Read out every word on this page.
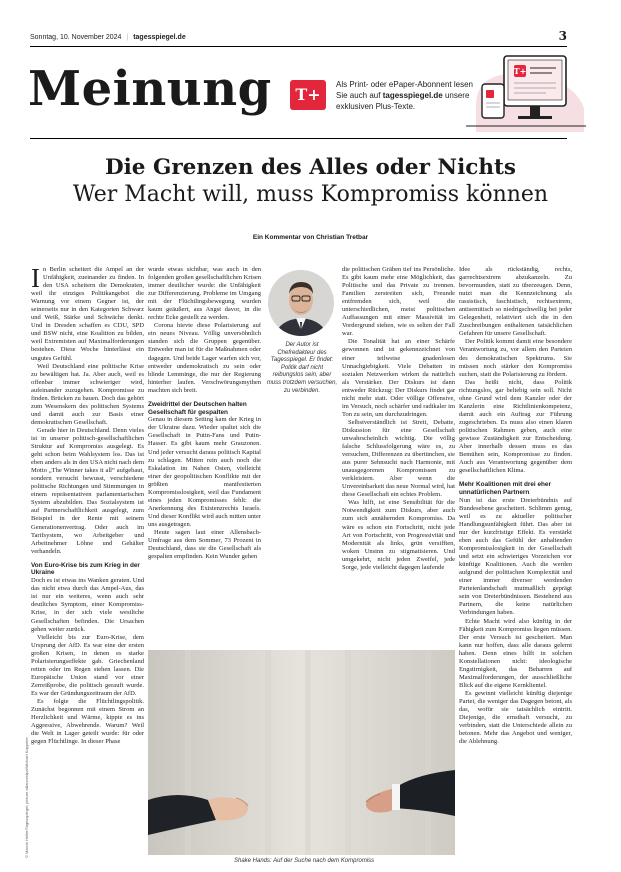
Sonntag, 10. November 2024 | tagesspiegel.de	3
Meinung	T+
Als Print- oder ePaper-Abonnent lesen
Sie auch auf tagesspiegel.de unsere
exklusiven Plus-Texte.
T+
Die Grenzen des Alles oder Nichts
Wer Macht will, muss Kompromiss können
Ein Kommentar von Christian Tretbar

In Berlin scheitert die Ampel an der Unfähigkeit, zueinander zu finden. In den USA scheitern die Demokraten, weil ihr einziges Politikangebot die Warnung vor einem Gegner ist, der seinerseits nur in den Kategorien Schwarz und Weiß, Stärke und Schwäche denkt. Und in Dresden schaffen es CDU, SPD und BSW nicht, eine Koalition zu bilden, weil Extremisten auf Maximalforderungen bestehen. Diese Woche hinterlässt ein ungutes Gefühl.

Weil Deutschland eine politische Krise zu bewältigen hat. Ja. Aber auch, weil es offenbar immer schwieriger wird, aufeinander zuzugehen. Kompromisse zu finden. Brücken zu bauen. Doch das gehört zum Wesenskern des politischen Systems und damit auch zur Basis einer demokratischen Gesellschaft.

Gerade hier in Deutschland. Denn vieles ist in unserer politisch-gesellschaftlichen Struktur auf Kompromiss ausgelegt. Es geht schon beim Wahlsystem los. Das ist eben anders als in den USA nicht nach dem Motto „The Winner takes it all“ aufgebaut, sondern versucht bewusst, verschiedene politische Richtungen und Stimmungen in einem repräsentativen parlamentarischen System abzubilden. Das Sozialsystem ist auf Partnerschaftlichkeit ausgelegt, zum Beispiel in der Rente mit seinem Generationenvertrag. Oder auch im Tarifsystem, wo Arbeitgeber und Arbeitnehmer Löhne und Gehälter verhandeln.

Von Euro-Krise bis zum Krieg in der Ukraine

Doch es ist etwas ins Wanken geraten. Und das nicht etwa durch das Ampel-Aus, das ist nur ein weiteres, wenn auch sehr deutliches Symptom, einer Kompromiss-Krise, in der sich viele westliche Gesellschaften befinden. Die Ursachen gehen weiter zurück.

Vielleicht bis zur Euro-Krise, dem Ursprung der AfD. Es war eine der ersten großen Krisen, in denen es starke Polarisierungseffekte gab. Griechenland retten oder im Regen stehen lassen. Die Europäische Union stand vor einer Zerreißprobe, die politisch gerauft wurde. Es war der Gründungszeitraum der AfD.

Es folgte die Flüchtlingspolitik. Zunächst begonnen mit einem Strom an Herzlichkeit und Wärme, kippte es ins Aggressive, Abwehrende. Warum? Weil die Welt in Lager geteilt wurde: für oder gegen Flüchtlinge. In dieser Phase

wurde etwas sichtbar, was auch in den folgenden großen gesellschaftlichen Krisen immer deutlicher wurde: die Unfähigkeit zur Differenzierung. Probleme im Umgang mit der Flüchtlingsbewegung wurden kaum geäußert, aus Angst davor, in die rechte Ecke gestellt zu werden.

Corona hievte diese Polarisierung auf ein neues Niveau. Völlig unversöhnlich standen sich die Gruppen gegenüber. Entweder man ist für die Maßnahmen oder dagegen. Und beide Lager warfen sich vor, entweder undemokratisch zu sein oder blinde Lemminge, die nur der Regierung hinterher laufen. Verschwörungsmythen machten sich breit.

Zweidrittel der Deutschen halten Gesellschaft für gespalten

Genau in diesem Setting kam der Krieg in der Ukraine dazu. Wieder spaltet sich die Gesellschaft in Putin-Fans und Putin-Hasser. Es gibt kaum mehr Grauzonen. Und jeder versucht daraus politisch Kapital zu schlagen. Mitten rein auch noch die Eskalation im Nahen Osten, vielleicht einer der geopolitischen Konflikte mit der größten manifestierten Kompromisslosigkeit, weil das Fundament eines jeden Kompromisses fehlt: die Anerkennung des Existenzrechts Israels. Und dieser Konflikt wird auch mitten unter uns ausgetragen.

Heute sagen laut einer Allensbach-Umfrage aus dem Sommer, 73 Prozent in Deutschland, dass sie die Gesellschaft als gespalten empfinden. Kein Wunder gehen

Der Autor ist Chefredakteur des Tagesspiegel. Er findet: Politik darf nicht reibungslos sein, aber muss trotzdem versuchen, zu verbinden.

die politischen Gräben tief ins Persönliche. Es gibt kaum mehr eine Möglichkeit, das Politische und das Private zu trennen. Familien zerstreiten sich, Freunde entfremden sich, weil die unterschiedlichen, meist politischen Auffassungen mit einer Massivität im Vordergrund stehen, wie es selten der Fall war.

Die Tonalität hat an einer Schärfe gewonnen und ist gekennzeichnet von einer teilweise gnadenlosen Unnachgiebigkeit. Viele Debatten in sozialen Netzwerken wirken da natürlich als Verstärker. Der Diskurs ist dann entweder Rückzug: Der Diskurs findet gar nicht mehr statt. Oder völlige Offensive, im Versuch, noch schärfer und radikaler im Ton zu sein, um durchzudringen.

Selbstverständlich ist Streit, Debatte, Diskussion für eine Gesellschaft unwahrscheinlich wichtig. Die völlig falsche Schlussfolgerung wäre es, zu versuchen, Differenzen zu übertünchen, sie aus purer Sehnsucht nach Harmonie, mit unausgegorenen Kompromissen zu verkleistern. Aber wenn die Unvereinbarkeit das neue Normal wird, hat diese Gesellschaft ein echtes Problem.

Was hilft, ist eine Sensibilität für die Notwendigkeit zum Diskurs, aber auch zum sich annähernden Kompromiss. Da wäre es schon ein Fortschritt, nicht jede Art von Fortschritt, von Progressivität und Modernität als links, grün versifften, woken Unsinn zu stigmatisieren. Und umgekehrt, nicht jeden Zweifel, jede Sorge, jede vielleicht dagegen laufende

Idee als rückständig, rechts, garrechtsextrem abzukanzeln. Zu bevormunden, statt zu überzeugen. Denn, nutzt man die Kennzeichnung als rassistisch, faschistisch, rechtsextrem, antisemitisch so niedrigschwellig bei jeder Gelegenheit, relativiert sich die in den Zuschreibungen enthaltenen tatsächlichen Gefahren für unsere Gesellschaft.

Der Politik kommt damit eine besondere Verantwortung zu, vor allem den Parteien des demokratischen Spektrums. Sie müssen noch stärker den Kompromiss suchen, statt die Polarisierung zu fördern.

Das heißt nicht, dass Politik richtungslos, gar beliebig sein soll. Nicht ohne Grund wird dem Kanzler oder der Kanzlerin eine Richtlinienkompetenz, damit auch ein Auftrag zur Führung zugeschrieben. Es muss also einen klaren politischen Rahmen geben, auch eine gewisse Zuständigkeit zur Entscheidung. Aber innerhalb dessen muss es das Bemühen sein, Kompromisse zu finden. Auch aus Verantwortung gegenüber dem gesellschaftlichen Klima.

Mehr Koalitionen mit drei eher unnatürlichen Partnern

Nun ist das erste Dreierbündnis auf Bundesebene gescheitert. Schlimm genug, weil es zu aktueller politischer Handlungsunfähigkeit führt. Das aber ist nur der kurzfristige Effekt. Es verstärkt eben auch das Gefühl der anhaltenden Kompromisslosigkeit in der Gesellschaft und setzt ein schwieriges Vorzeichen vor künftige Koalitionen. Auch die werden aufgrund der politischen Komplexität und einer immer diverser werdenden Parteienlandschaft mutmaßlich geprägt sein von Dreierbündnissen. Bestehend aus Partnern, die keine natürlichen Verbindungen haben.

Echte Macht wird also künftig in der Fähigkeit zum Kompromiss liegen müssen. Der erste Versuch ist gescheitert. Man kann nur hoffen, dass alle daraus gelernt haben. Denn eines hilft in solchen Konstellationen nicht: ideologische Engstirnigkeit, das Beharren auf Maximalforderungen, der ausschließliche Blick auf die eigene Kernklientel.

Es gewinnt vielleicht künftig diejenige Partei, die weniger das Dagegen betont, als das, wofür sie tatsächlich eintritt. Diejenige, die ernsthaft versucht, zu verbinden, statt die Unterschiede allein zu betonen. Mehr das Angebot und weniger, die Ablehnung.

Shake Hands: Auf der Suche nach dem Kompromiss
© Marcin Heller/Tagesspiegel; picture alliance/dpa/Michael Kappeler
